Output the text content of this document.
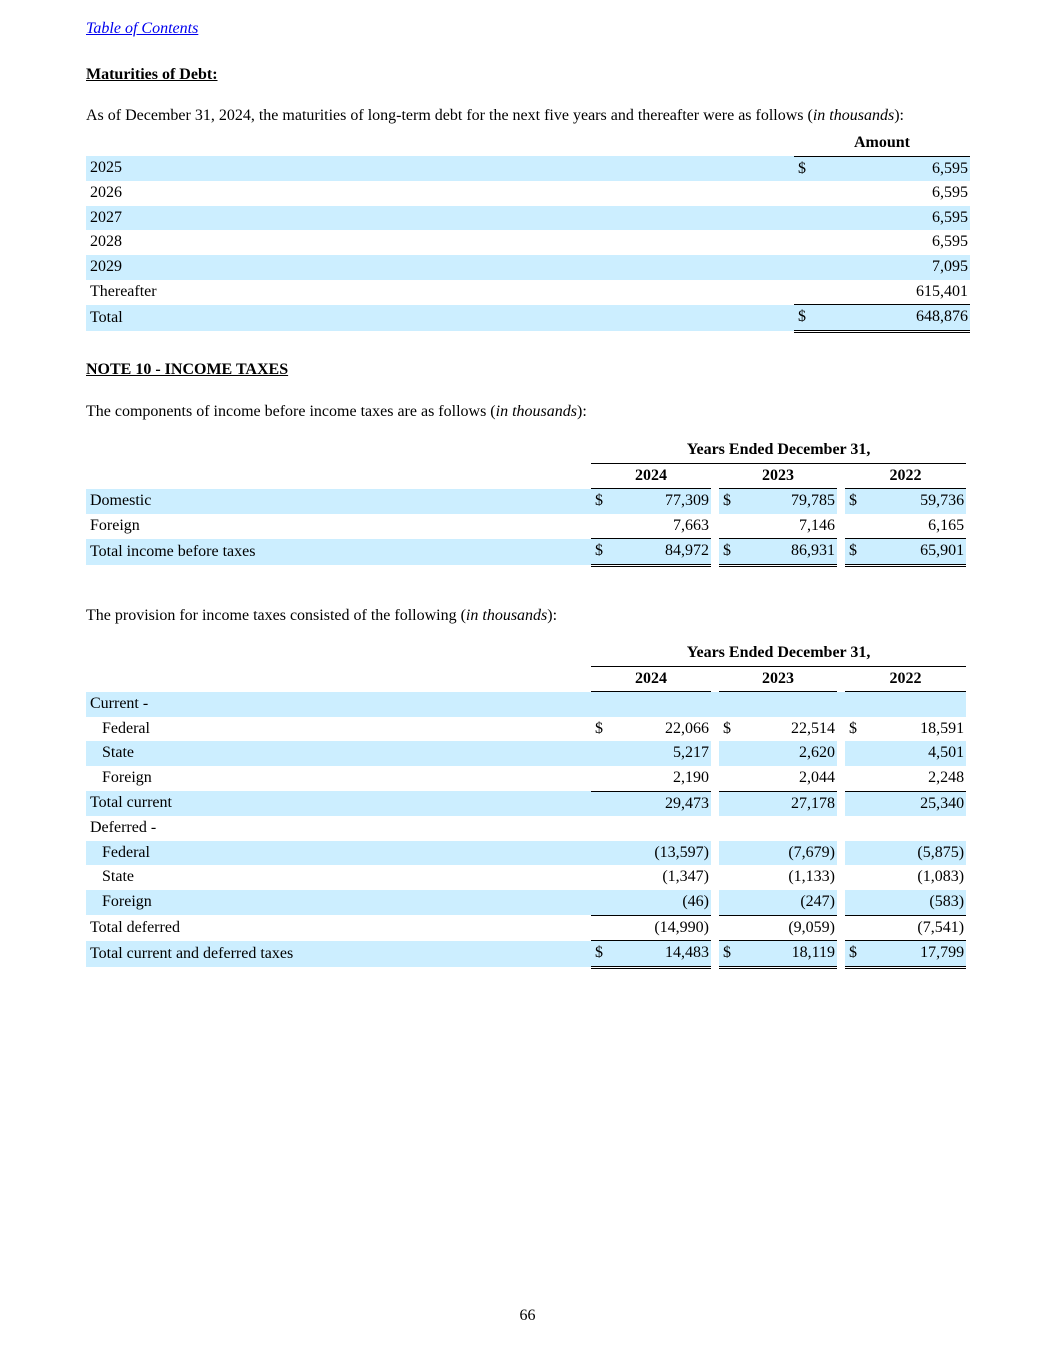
Table of Contents
Maturities of Debt:
As of December 31, 2024, the maturities of long-term debt for the next five years and thereafter were as follows (in thousands):
	Amount	
2025	$	6,595
2026		6,595
2027		6,595
2028		6,595
2029		7,095
Thereafter		615,401
Total	$	648,876
NOTE 10 - INCOME TAXES
The components of income before income taxes are as follows (in thousands):
	Years Ended December 31,							
	2024			2023			2022	
Domestic	$	77,309		$	79,785		$	59,736
Foreign		7,663			7,146			6,165
Total income before taxes	$	84,972		$	86,931		$	65,901
The provision for income taxes consisted of the following (in thousands):
	Years Ended December 31,							
	2024			2023			2022	
Current -								
Federal	$	22,066		$	22,514		$	18,591
State		5,217			2,620			4,501
Foreign		2,190			2,044			2,248
Total current		29,473			27,178			25,340
Deferred -								
Federal		(13,597)			(7,679)			(5,875)
State		(1,347)			(1,133)			(1,083)
Foreign		(46)			(247)			(583)
Total deferred		(14,990)			(9,059)			(7,541)
Total current and deferred taxes	$	14,483		$	18,119		$	17,799
66
